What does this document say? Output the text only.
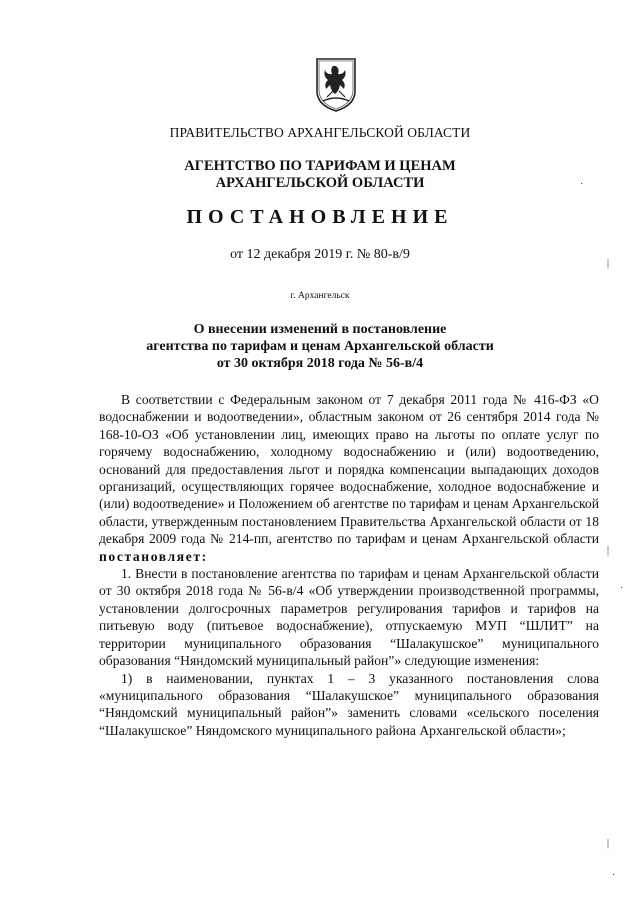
ПРАВИТЕЛЬСТВО АРХАНГЕЛЬСКОЙ ОБЛАСТИ
АГЕНТСТВО ПО ТАРИФАМ И ЦЕНАМ
АРХАНГЕЛЬСКОЙ ОБЛАСТИ
ПОСТАНОВЛЕНИЕ
от 12 декабря 2019 г. № 80-в/9
г. Архангельск
О внесении изменений в постановление
агентства по тарифам и ценам Архангельской области
от 30 октября 2018 года № 56-в/4

В соответствии с Федеральным законом от 7 декабря 2011 года № 416-ФЗ «О водоснабжении и водоотведении», областным законом от 26 сентября 2014 года № 168-10-ОЗ «Об установлении лиц, имеющих право на льготы по оплате услуг по горячему водоснабжению, холодному водоснабжению и (или) водоотведению, оснований для предоставления льгот и порядка компенсации выпадающих доходов организаций, осуществляющих горячее водоснабжение, холодное водоснабжение и (или) водоотведение» и Положением об агентстве по тарифам и ценам Архангельской области, утвержденным постановлением Правительства Архангельской области от 18 декабря 2009 года № 214-пп, агентство по тарифам и ценам Архангельской области постановляет:

1. Внести в постановление агентства по тарифам и ценам Архангельской области от 30 октября 2018 года № 56-в/4 «Об утверждении производственной программы, установлении долгосрочных параметров регулирования тарифов и тарифов на питьевую воду (питьевое водоснабжение), отпускаемую МУП “ШЛИТ” на территории муниципального образования “Шалакушское” муниципального образования “Няндомский муниципальный район”» следующие изменения:

1) в наименовании, пунктах 1 – 3 указанного постановления слова «муниципального образования “Шалакушское” муниципального образования “Няндомский муниципальный район”» заменить словами «сельского поселения “Шалакушское” Няндомского муниципального района Архангельской области»;

·
|
|
·
|
·
